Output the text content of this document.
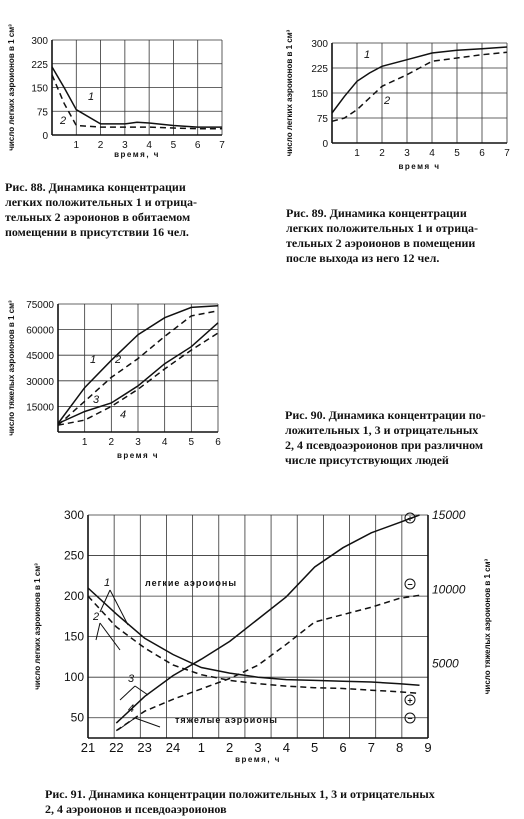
1 2 3 4 5 6 7
0
75
150
225
300
время, ч
число легких аэроионов в 1 см³	1
2

Рис. 88. Динамика концентрации
легких положительных 1 и отрица-
тельных 2 аэроионов в обитаемом
помещении в присутствии 16 чел.

1 2 3 4 5 6 7
0
75
150
225
300
время ч
число легких аэроионов в 1 см³	1
2

Рис. 89. Динамика концентрации
легких положительных 1 и отрица-
тельных 2 аэроионов в помещении
после выхода из него 12 чел.

1 2 3 4 5 6
15000
30000
45000
60000
75000
время ч
число тяжелых аэроионов в 1 см³	1 2
3
4	Рис. 90. Динамика концентрации по-
ложительных 1, 3 и отрицательных
2, 4 псевдоаэроионов при различном
числе присутствующих людей

21 22 23 24 1 2 3 4 5 6 7 8 9
50
100
150
200
250
300
5000
10000
15000
время, ч
число легких аэроионов в 1 см³	число тяжелых аэроионов в 1 см³
1
2
3
4
легкие аэроионы
тяжелые аэроионы
+
−
+
−

Рис. 91. Динамика концентрации положительных 1, 3 и отрицательных
2, 4 аэроионов и псевдоаэроионов
